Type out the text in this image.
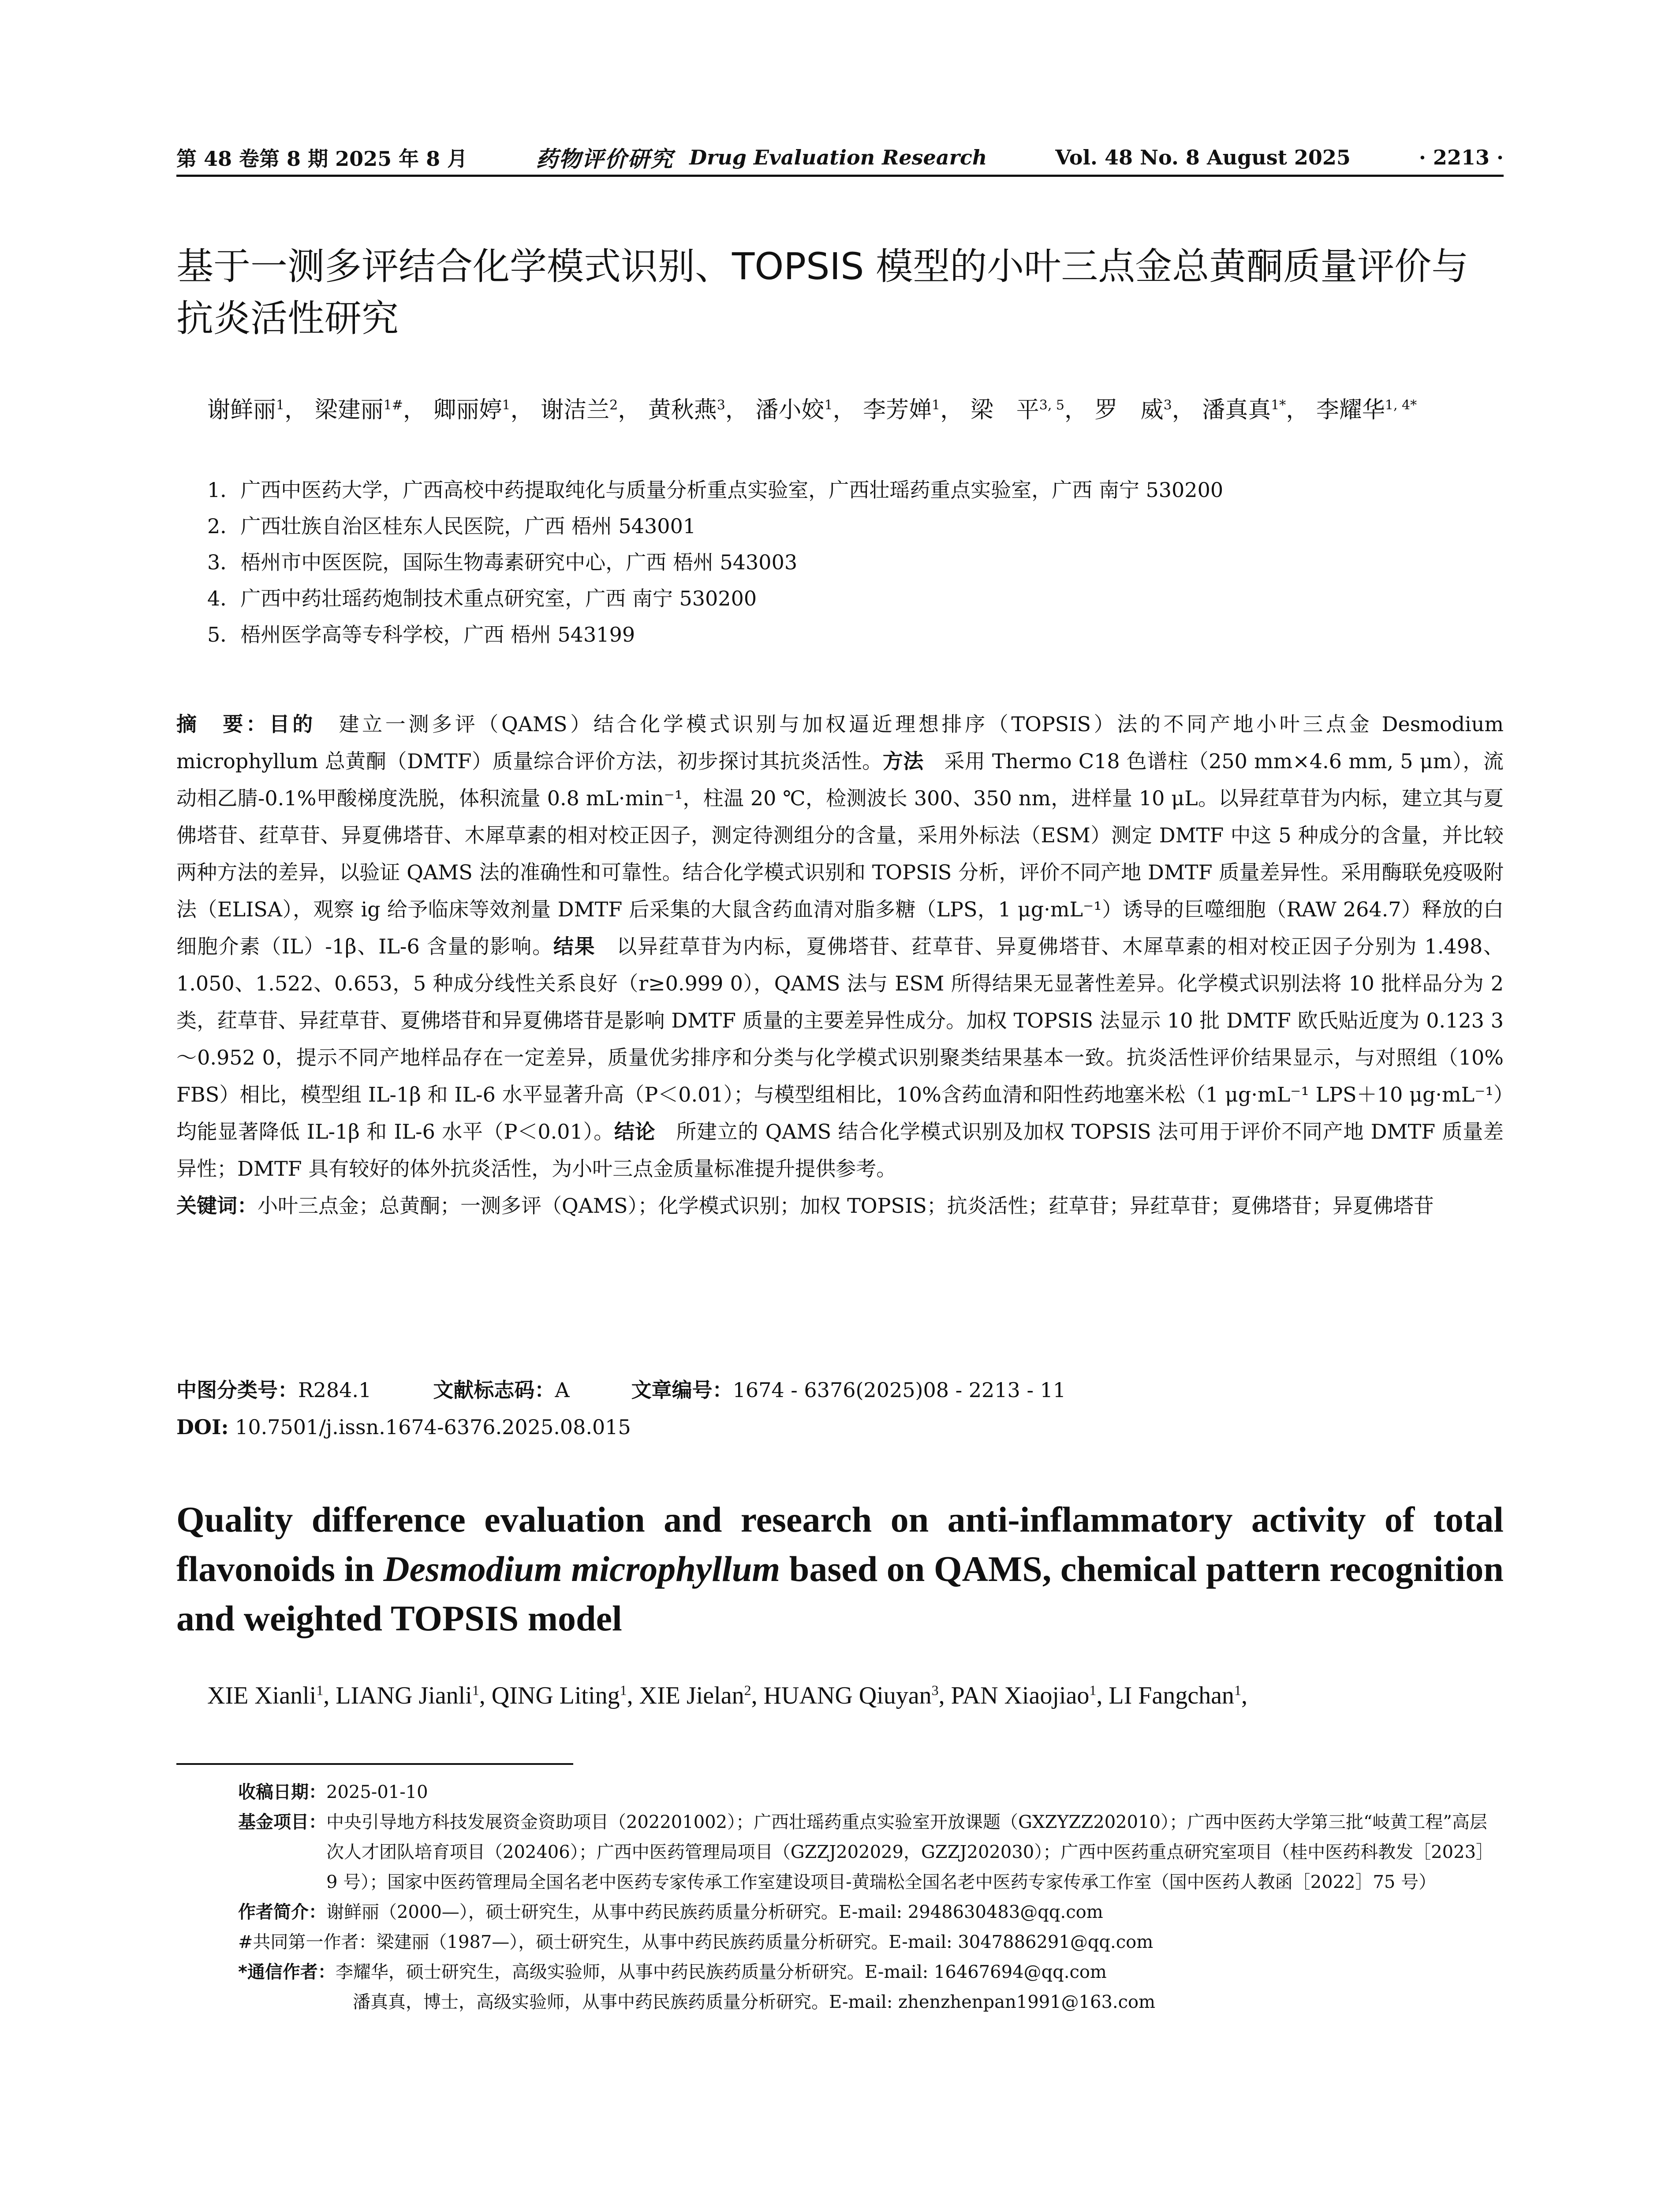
第 48 卷第 8 期 2025 年 8 月	药物评价研究 Drug Evaluation Research	Vol. 48 No. 8 August 2025	· 2213 ·
基于一测多评结合化学模式识别、TOPSIS 模型的小叶三点金总黄酮质量评价与抗炎活性研究
谢鲜丽$^1$， 梁建丽$^{1\#}$， 卿丽婷$^1$， 谢洁兰$^2$， 黄秋燕$^3$， 潘小姣$^1$， 李芳婵$^1$， 梁　平$^{3, 5}$， 罗　威$^3$， 潘真真$^{1*}$， 李耀华$^{1, 4*}$
1．广西中医药大学，广西高校中药提取纯化与质量分析重点实验室，广西壮瑶药重点实验室，广西 南宁 530200
2．广西壮族自治区桂东人民医院，广西 梧州 543001
3．梧州市中医医院，国际生物毒素研究中心，广西 梧州 543003
4．广西中药壮瑶药炮制技术重点研究室，广西 南宁 530200
5．梧州医学高等专科学校，广西 梧州 543199
摘　要：目的　建立一测多评（QAMS）结合化学模式识别与加权逼近理想排序（TOPSIS）法的不同产地小叶三点金 Desmodium microphyllum 总黄酮（DMTF）质量综合评价方法，初步探讨其抗炎活性。方法　采用 Thermo C18 色谱柱（250 mm×4.6 mm, 5 μm），流动相乙腈-0.1%甲酸梯度洗脱，体积流量 0.8 mL·min⁻¹，柱温 20 ℃，检测波长 300、350 nm，进样量 10 μL。以异荭草苷为内标，建立其与夏佛塔苷、荭草苷、异夏佛塔苷、木犀草素的相对校正因子，测定待测组分的含量，采用外标法（ESM）测定 DMTF 中这 5 种成分的含量，并比较两种方法的差异，以验证 QAMS 法的准确性和可靠性。结合化学模式识别和 TOPSIS 分析，评价不同产地 DMTF 质量差异性。采用酶联免疫吸附法（ELISA），观察 ig 给予临床等效剂量 DMTF 后采集的大鼠含药血清对脂多糖（LPS，1 μg·mL⁻¹）诱导的巨噬细胞（RAW 264.7）释放的白细胞介素（IL）-1β、IL-6 含量的影响。结果　以异荭草苷为内标，夏佛塔苷、荭草苷、异夏佛塔苷、木犀草素的相对校正因子分别为 1.498、1.050、1.522、0.653，5 种成分线性关系良好（r≥0.999 0），QAMS 法与 ESM 所得结果无显著性差异。化学模式识别法将 10 批样品分为 2 类，荭草苷、异荭草苷、夏佛塔苷和异夏佛塔苷是影响 DMTF 质量的主要差异性成分。加权 TOPSIS 法显示 10 批 DMTF 欧氏贴近度为 0.123 3～0.952 0，提示不同产地样品存在一定差异，质量优劣排序和分类与化学模式识别聚类结果基本一致。抗炎活性评价结果显示，与对照组（10% FBS）相比，模型组 IL-1β 和 IL-6 水平显著升高（P＜0.01）；与模型组相比，10%含药血清和阳性药地塞米松（1 μg·mL⁻¹ LPS＋10 μg·mL⁻¹）均能显著降低 IL-1β 和 IL-6 水平（P＜0.01）。结论　所建立的 QAMS 结合化学模式识别及加权 TOPSIS 法可用于评价不同产地 DMTF 质量差异性；DMTF 具有较好的体外抗炎活性，为小叶三点金质量标准提升提供参考。
关键词：小叶三点金；总黄酮；一测多评（QAMS）；化学模式识别；加权 TOPSIS；抗炎活性；荭草苷；异荭草苷；夏佛塔苷；异夏佛塔苷
中图分类号：R284.1	文献标志码：A	文章编号：1674 - 6376(2025)08 - 2213 - 11
DOI: 10.7501/j.issn.1674-6376.2025.08.015
Quality difference evaluation and research on anti-inflammatory activity of total flavonoids in Desmodium microphyllum based on QAMS, chemical pattern recognition and weighted TOPSIS model
XIE Xianli$^1$, LIANG Jianli$^1$, QING Liting$^1$, XIE Jielan$^2$, HUANG Qiuyan$^3$, PAN Xiaojiao$^1$, LI Fangchan$^1$,
收稿日期： 2025-01-10
基金项目： 中央引导地方科技发展资金资助项目（202201002）；广西壮瑶药重点实验室开放课题（GXZYZZ202010）；广西中医药大学第三批“岐黄工程”高层次人才团队培育项目（202406）；广西中医药管理局项目（GZZJ202029，GZZJ202030）；广西中医药重点研究室项目（桂中医药科教发［2023］9 号）；国家中医药管理局全国名老中医药专家传承工作室建设项目-黄瑞松全国名老中医药专家传承工作室（国中医药人教函［2022］75 号）
作者简介： 谢鲜丽（2000—），硕士研究生，从事中药民族药质量分析研究。E-mail: 2948630483@qq.com
#共同第一作者：梁建丽（1987—），硕士研究生，从事中药民族药质量分析研究。E-mail: 3047886291@qq.com
*通信作者： 李耀华，硕士研究生，高级实验师，从事中药民族药质量分析研究。E-mail: 16467694@qq.com
潘真真，博士，高级实验师，从事中药民族药质量分析研究。E-mail: zhenzhenpan1991@163.com
